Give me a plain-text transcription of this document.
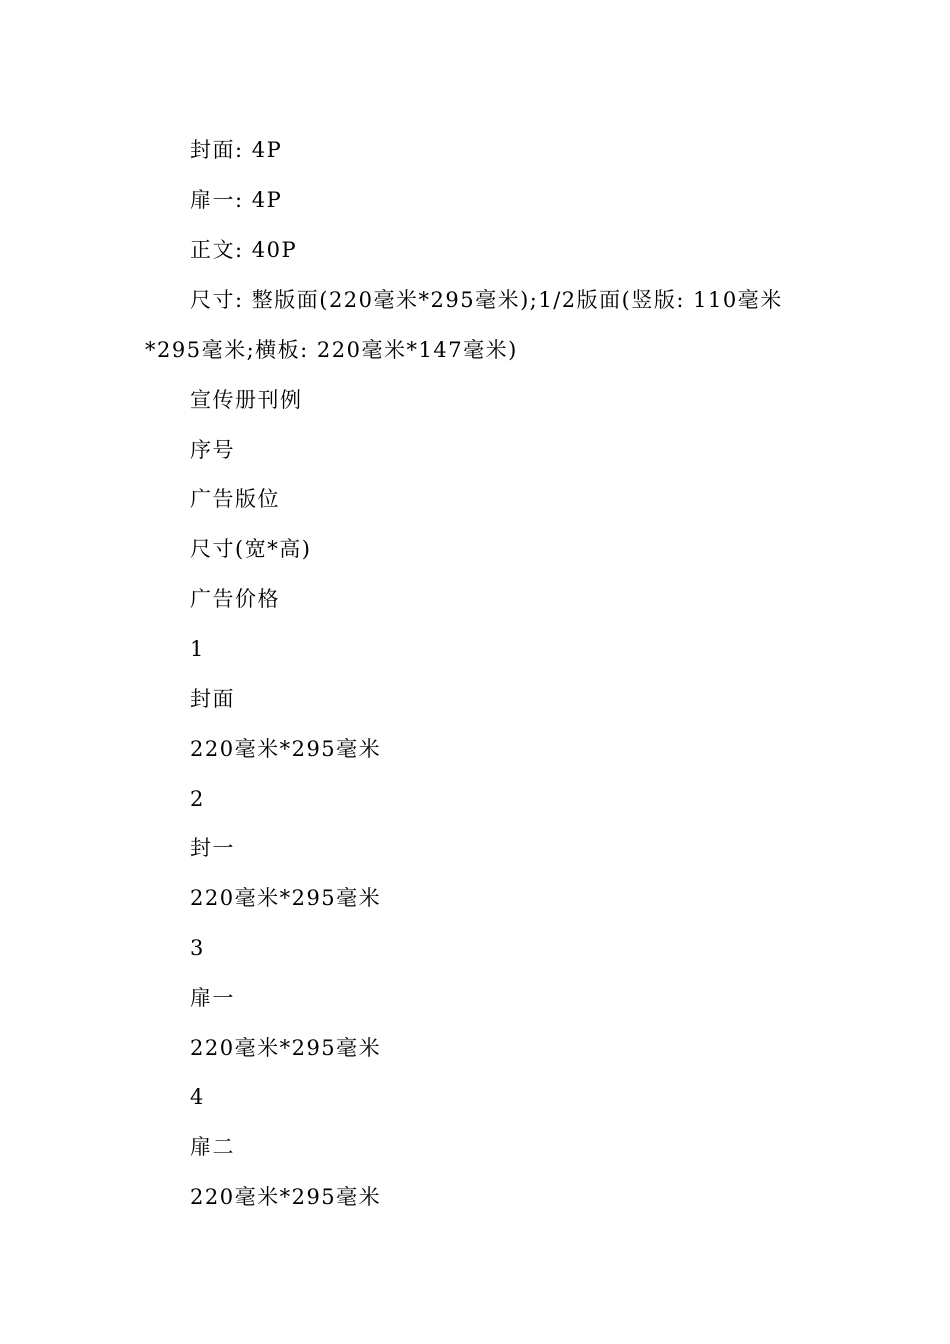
封面: 4P
扉一: 4P
正文: 40P
尺寸: 整版面(220毫米*295毫米);1/2版面(竖版: 110毫米
*295毫米;横板: 220毫米*147毫米)
宣传册刊例
序号
广告版位
尺寸(宽*高)
广告价格
1
封面
220毫米*295毫米
2
封一
220毫米*295毫米
3
扉一
220毫米*295毫米
4
扉二
220毫米*295毫米
